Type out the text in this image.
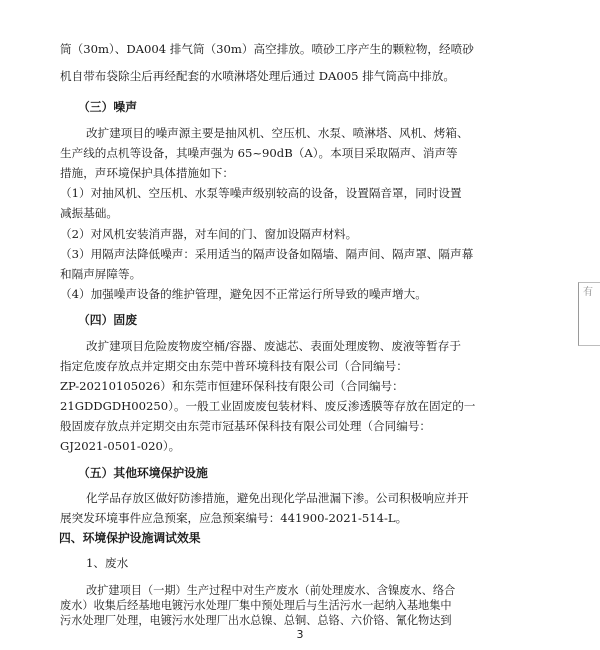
筒（30m）、DA004 排气筒（30m）高空排放。喷砂工序产生的颗粒物，经喷砂
机自带布袋除尘后再经配套的水喷淋塔处理后通过 DA005 排气筒高中排放。
（三）噪声
改扩建项目的噪声源主要是抽风机、空压机、水泵、喷淋塔、风机、烤箱、
生产线的点机等设备，其噪声强为 65~90dB（A）。本项目采取隔声、消声等
措施，声环境保护具体措施如下：
（1）对抽风机、空压机、水泵等噪声级别较高的设备，设置隔音罩，同时设置
减振基础。
（2）对风机安装消声器，对车间的门、窗加设隔声材料。
（3）用隔声法降低噪声：采用适当的隔声设备如隔墙、隔声间、隔声罩、隔声幕
和隔声屏障等。
（4）加强噪声设备的维护管理，避免因不正常运行所导致的噪声增大。
（四）固废
改扩建项目危险废物废空桶/容器、废滤芯、表面处理废物、废液等暂存于
指定危废存放点并定期交由东莞中普环境科技有限公司（合同编号：
ZP-20210105026）和东莞市恒建环保科技有限公司（合同编号：
21GDDGDH00250）。一般工业固废废包装材料、废反渗透膜等存放在固定的一
般固废存放点并定期交由东莞市冠基环保科技有限公司处理（合同编号：
GJ2021-0501-020）。
（五）其他环境保护设施
化学品存放区做好防渗措施，避免出现化学品泄漏下渗。公司积极响应并开
展突发环境事件应急预案，应急预案编号：441900-2021-514-L。
四、环境保护设施调试效果
1、废水
3
有
改扩建项目（一期）生产过程中对生产废水（前处理废水、含镍废水、络合
废水）收集后经基地电镀污水处理厂集中预处理后与生活污水一起纳入基地集中
污水处理厂处理，电镀污水处理厂出水总镍、总铜、总铬、六价铬、氰化物达到
